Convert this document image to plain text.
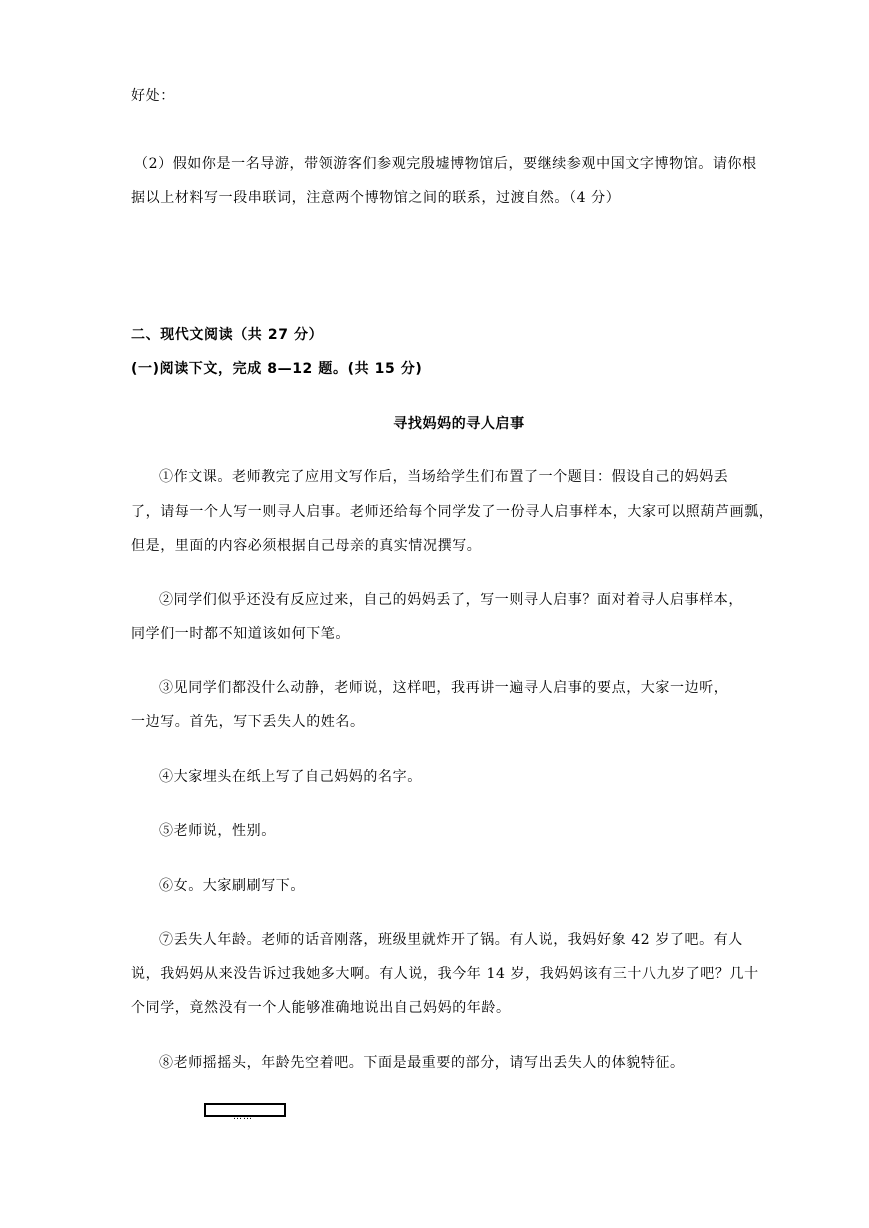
好处：
（2）假如你是一名导游，带领游客们参观完殷墟博物馆后，要继续参观中国文字博物馆。请你根
据以上材料写一段串联词，注意两个博物馆之间的联系，过渡自然。（4 分）
二、现代文阅读（共 27 分）
(一)阅读下文，完成 8—12 题。(共 15 分)
寻找妈妈的寻人启事
①作文课。老师教完了应用文写作后，当场给学生们布置了一个题目：假设自己的妈妈丢
了，请每一个人写一则寻人启事。老师还给每个同学发了一份寻人启事样本，大家可以照葫芦画瓢，
但是，里面的内容必须根据自己母亲的真实情况撰写。
②同学们似乎还没有反应过来，自己的妈妈丢了，写一则寻人启事？面对着寻人启事样本，
同学们一时都不知道该如何下笔。
③见同学们都没什么动静，老师说，这样吧，我再讲一遍寻人启事的要点，大家一边听，
一边写。首先，写下丢失人的姓名。
④大家埋头在纸上写了自己妈妈的名字。
⑤老师说，性别。
⑥女。大家刷刷写下。
⑦丢失人年龄。老师的话音刚落，班级里就炸开了锅。有人说，我妈好象 42 岁了吧。有人
说，我妈妈从来没告诉过我她多大啊。有人说，我今年 14 岁，我妈妈该有三十八九岁了吧？几十
个同学，竟然没有一个人能够准确地说出自己妈妈的年龄。
⑧老师摇摇头，年龄先空着吧。下面是最重要的部分，请写出丢失人的体貌特征。
……
